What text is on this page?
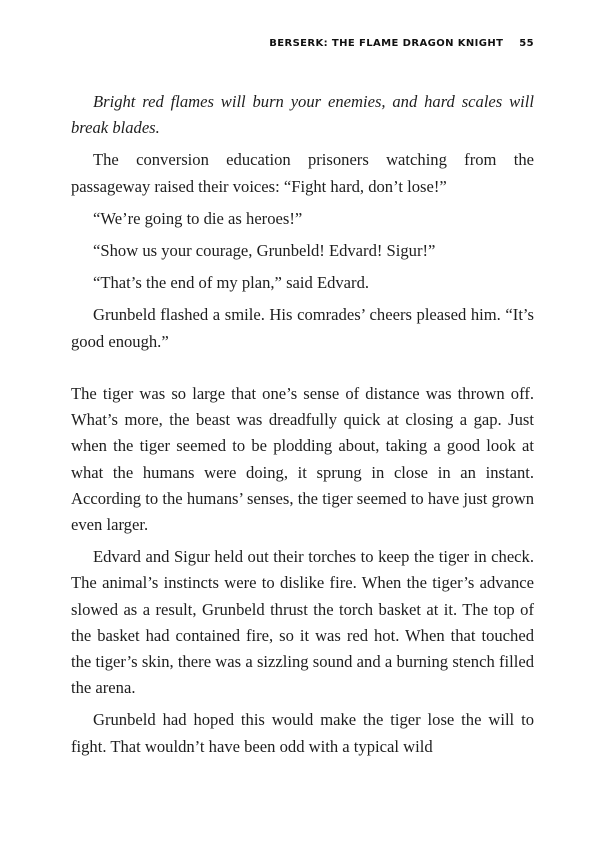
BERSERK: THE FLAME DRAGON KNIGHT 55

Bright red flames will burn your enemies, and hard scales will break blades.

The conversion education prisoners watching from the passageway raised their voices: “Fight hard, don’t lose!”

“We’re going to die as heroes!”

“Show us your courage, Grunbeld! Edvard! Sigur!”

“That’s the end of my plan,” said Edvard.

Grunbeld flashed a smile. His comrades’ cheers pleased him. “It’s good enough.”

The tiger was so large that one’s sense of distance was thrown off. What’s more, the beast was dreadfully quick at closing a gap. Just when the tiger seemed to be plodding about, taking a good look at what the humans were doing, it sprung in close in an instant. According to the humans’ senses, the tiger seemed to have just grown even larger.

Edvard and Sigur held out their torches to keep the tiger in check. The animal’s instincts were to dislike fire. When the tiger’s advance slowed as a result, Grunbeld thrust the torch basket at it. The top of the basket had contained fire, so it was red hot. When that touched the tiger’s skin, there was a sizzling sound and a burning stench filled the arena.

Grunbeld had hoped this would make the tiger lose the will to fight. That wouldn’t have been odd with a typical wild
